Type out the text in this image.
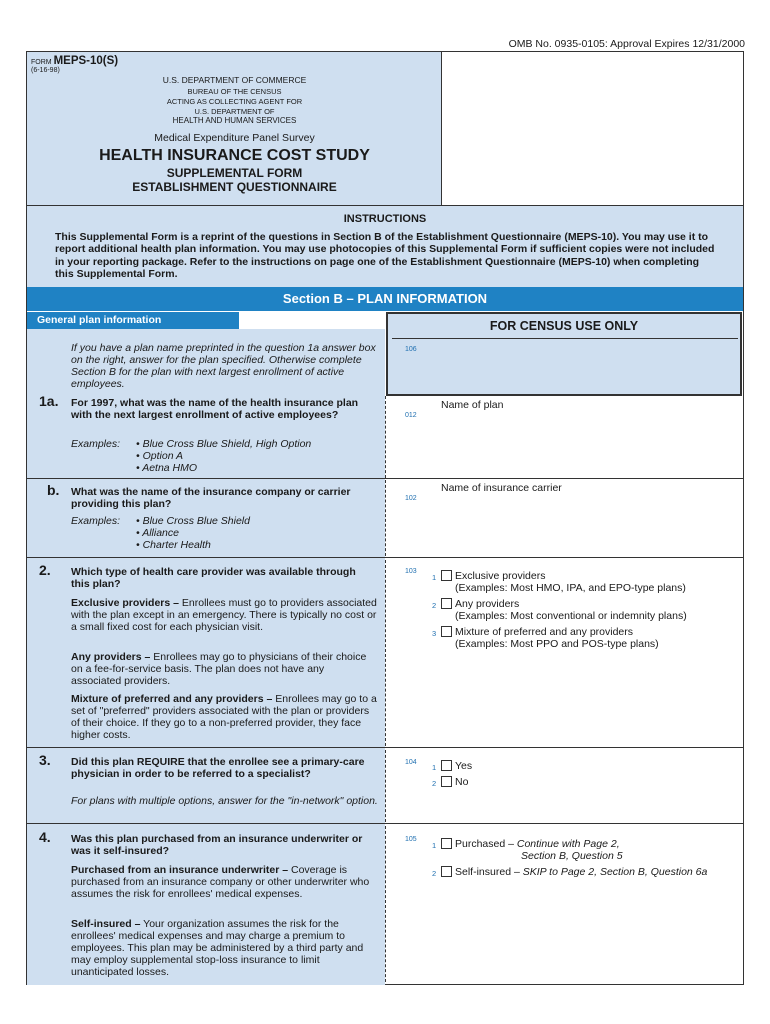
OMB No. 0935-0105: Approval Expires 12/31/2000
FORM MEPS-10(S)
(6-16-98)
U.S. DEPARTMENT OF COMMERCE
BUREAU OF THE CENSUS
ACTING AS COLLECTING AGENT FOR
U.S. DEPARTMENT OF
HEALTH AND HUMAN SERVICES
Medical Expenditure Panel Survey
HEALTH INSURANCE COST STUDY
SUPPLEMENTAL FORM
ESTABLISHMENT QUESTIONNAIRE
INSTRUCTIONS
This Supplemental Form is a reprint of the questions in Section B of the Establishment Questionnaire (MEPS-10). You may use it to report additional health plan information. You may use photocopies of this Supplemental Form if sufficient copies were not included in your reporting package. Refer to the instructions on page one of the Establishment Questionnaire (MEPS-10) when completing this Supplemental Form.
Section B – PLAN INFORMATION
General plan information	FOR CENSUS USE ONLY
106
If you have a plan name preprinted in the question 1a answer box on the right, answer for the plan specified. Otherwise complete Section B for the plan with next largest enrollment of active employees.
1a. For 1997, what was the name of the health insurance plan with the next largest enrollment of active employees?
Examples: • Blue Cross Blue Shield, High Option
• Option A
• Aetna HMO
012
Name of plan
b. What was the name of the insurance company or carrier providing this plan?
Examples: • Blue Cross Blue Shield
• Alliance
• Charter Health
102
Name of insurance carrier
2. Which type of health care provider was available through this plan?
Exclusive providers – Enrollees must go to providers associated with the plan except in an emergency. There is typically no cost or a small fixed cost for each physician visit.
Any providers – Enrollees may go to physicians of their choice on a fee-for-service basis. The plan does not have any associated providers.
Mixture of preferred and any providers – Enrollees may go to a set of "preferred" providers associated with the plan or providers of their choice. If they go to a non-preferred provider, they face higher costs.
103
1 Exclusive providers
(Examples: Most HMO, IPA, and EPO-type plans)
2 Any providers
(Examples: Most conventional or indemnity plans)
3 Mixture of preferred and any providers
(Examples: Most PPO and POS-type plans)
3. Did this plan REQUIRE that the enrollee see a primary-care physician in order to be referred to a specialist?
For plans with multiple options, answer for the "in-network" option.
104
1 Yes
2 No
4. Was this plan purchased from an insurance underwriter or was it self-insured?
Purchased from an insurance underwriter – Coverage is purchased from an insurance company or other underwriter who assumes the risk for enrollees' medical expenses.
Self-insured – Your organization assumes the risk for the enrollees' medical expenses and may charge a premium to employees. This plan may be administered by a third party and may employ supplemental stop-loss insurance to limit unanticipated losses.
105
1 Purchased – Continue with Page 2,
Section B, Question 5
2 Self-insured – SKIP to Page 2, Section B, Question 6a
